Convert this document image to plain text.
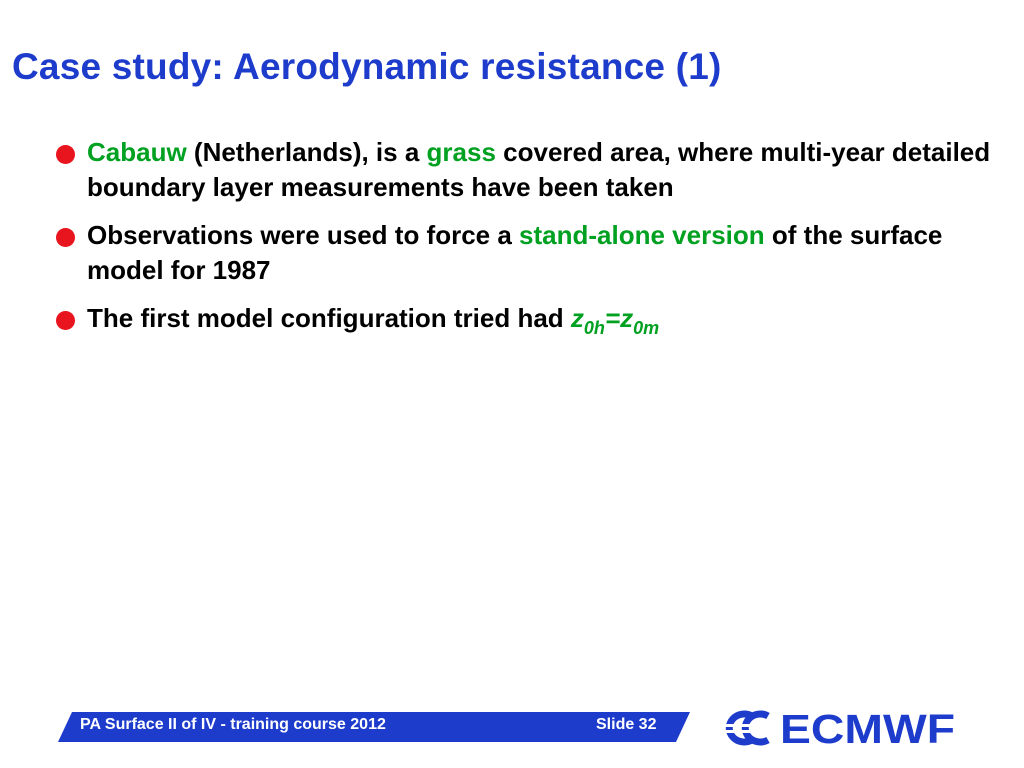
Case study: Aerodynamic resistance (1)
Cabauw (Netherlands), is a grass covered area, where multi-year detailed boundary layer measurements have been taken
Observations were used to force a stand-alone version of the surface model for 1987
The first model configuration tried had $z_{0h}=z_{0m}$
PA Surface II of IV - training course 2012	Slide 32	ECMWF
